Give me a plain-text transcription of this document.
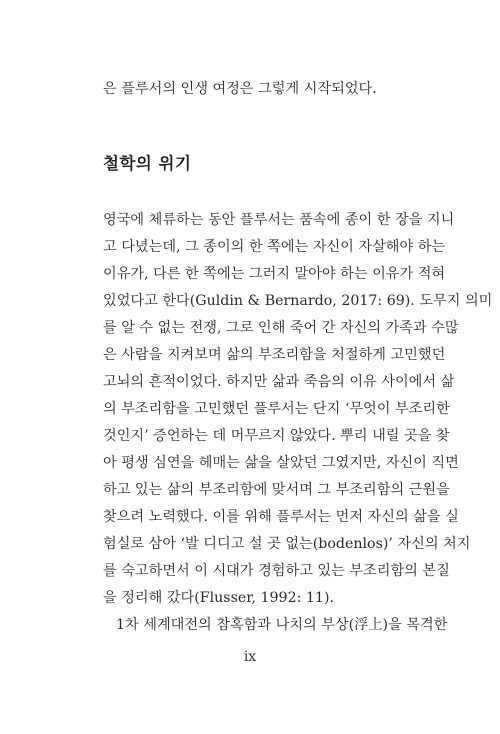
은 플루서의 인생 여정은 그렇게 시작되었다.
철학의 위기
영국에 체류하는 동안 플루서는 품속에 종이 한 장을 지니
고 다녔는데, 그 종이의 한 쪽에는 자신이 자살해야 하는
이유가, 다른 한 쪽에는 그러지 말아야 하는 이유가 적혀
있었다고 한다(Guldin & Bernardo, 2017: 69). 도무지 의미
를 알 수 없는 전쟁, 그로 인해 죽어 간 자신의 가족과 수많
은 사람을 지켜보며 삶의 부조리함을 처절하게 고민했던
고뇌의 흔적이었다. 하지만 삶과 죽음의 이유 사이에서 삶
의 부조리함을 고민했던 플루서는 단지 ‘무엇이 부조리한
것인지’ 증언하는 데 머무르지 않았다. 뿌리 내릴 곳을 찾
아 평생 심연을 헤매는 삶을 살았던 그였지만, 자신이 직면
하고 있는 삶의 부조리함에 맞서며 그 부조리함의 근원을
찾으려 노력했다. 이를 위해 플루서는 먼저 자신의 삶을 실
험실로 삼아 ‘발 디디고 설 곳 없는(bodenlos)’ 자신의 처지
를 숙고하면서 이 시대가 경험하고 있는 부조리함의 본질
을 정리해 갔다(Flusser, 1992: 11).
1차 세계대전의 참혹함과 나치의 부상(浮上)을 목격한
ix
